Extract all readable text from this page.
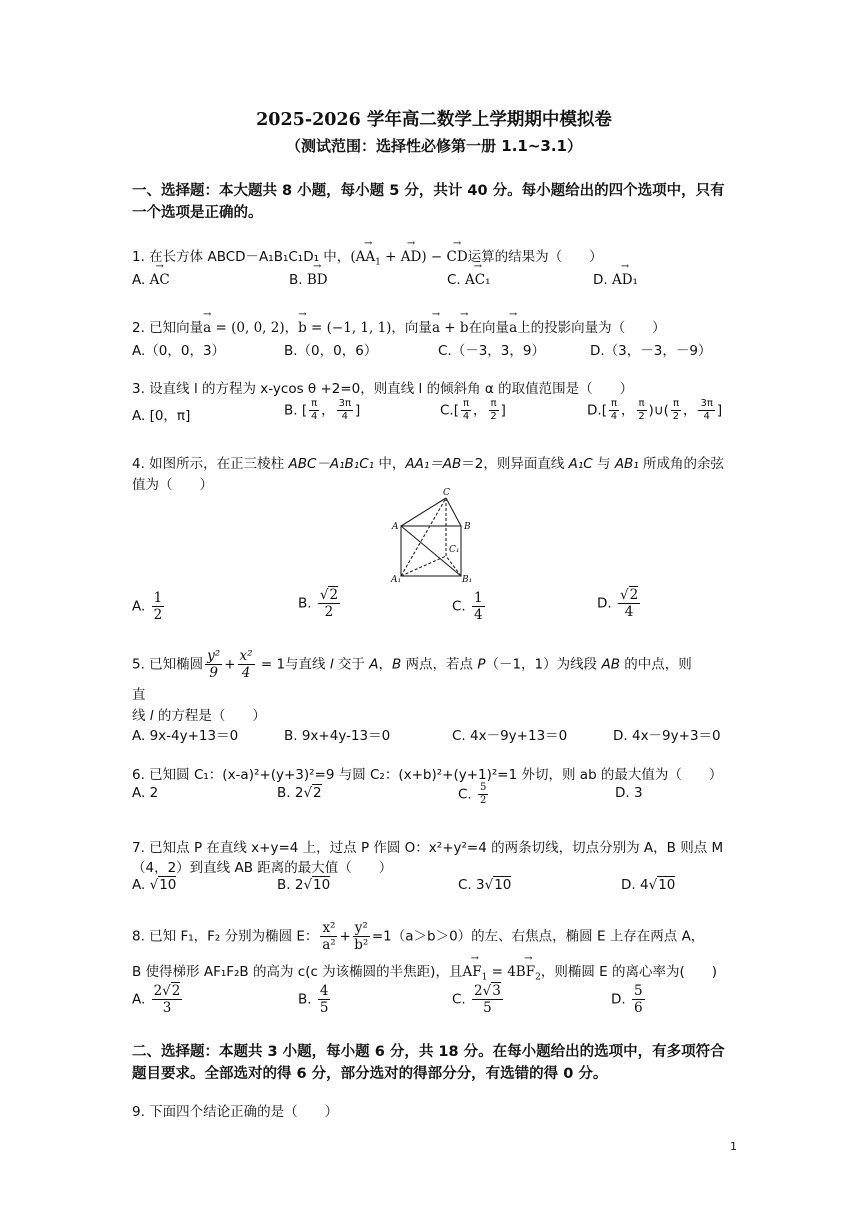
2025-2026 学年高二数学上学期期中模拟卷
（测试范围：选择性必修第一册 1.1~3.1）
一、选择题：本大题共 8 小题，每小题 5 分，共计 40 分。每小题给出的四个选项中，只有
一个选项是正确的。
1. 在长方体 ABCD－A₁B₁C₁D₁ 中，(→ $AA_1$ + → AD) − → CD运算的结果为（　　）
A. → AC	B. → BD	C. → AC₁	D. → AD₁
2. 已知向量→ a = (0, 0, 2)，→ b = (−1, 1, 1)，向量→ a + → b在向量→ a上的投影向量为（　　）
A.（0，0，3）	B.（0，0，6）	C.（－3，3，9）	D.（3，－3，－9）
3. 设直线 l 的方程为 x-ycos θ +2=0，则直线 l 的倾斜角 α 的取值范围是（　　）
A. [0，π]	B. [ $\frac{\pi}{4}$ ， $\frac{3\pi}{4}$ ]	$C.[ \frac{\pi}{4}$ ， $\frac{\pi}{2}$ ]	$D.[ \frac{\pi}{4}$ ， $\frac{\pi}{2}$ )∪( $\frac{\pi}{2}$ ， $\frac{3\pi}{4}$ ]
4. 如图所示，在正三棱柱 ABC－A₁B₁C₁ 中，AA₁＝AB＝2，则异面直线 A₁C 与 AB₁ 所成角的余弦
值为（　　）	C
A	B
C₁
A₁	B₁
A. $\frac{1}{2}$	B. $\frac{√2}{2}$	C. $\frac{1}{4}$	D. $\frac{√2}{4}$
5. 已知椭圆 $\frac{\text{y²}}{9} + \frac{\text{x²}}{4} = 1$与直线 l 交于 A，B 两点，若点 P（－1，1）为线段 AB 的中点，则
直
线 l 的方程是（　　）
A. 9x-4y+13＝0	B. 9x+4y-13＝0	C. 4x－9y+13＝0	D. 4x－9y+3＝0
6. 已知圆 C₁：(x-a)²+(y+3)²=9 与圆 C₂：(x+b)²+(y+1)²=1 外切，则 ab 的最大值为（　　）
A. 2	B. 2√2	C. $\frac{5}{2}$	D. 3
7. 已知点 P 在直线 x+y=4 上，过点 P 作圆 O：x²+y²=4 的两条切线，切点分别为 A，B 则点 M
（4，2）到直线 AB 距离的最大值（　　）
A. √10	B. 2√10	C. 3√10	D. 4√10
8. 已知 F₁，F₂ 分别为椭圆 E： $\frac{\text{x²}}{\text{a²}} + \frac{\text{y²}}{\text{b²}} =1(a>b>0)$的左、右焦点，椭圆 E 上存在两点 A，
B 使得梯形 AF₁F₂B 的高为 c(c 为该椭圆的半焦距)，且→ $AF_1 = 4\to BF_2$，则椭圆 E 的离心率为(　　)
A. $\frac{2√2}{3}$	B. $\frac{4}{5}$	C. $\frac{2√3}{5}$	D. $\frac{5}{6}$
二、选择题：本题共 3 小题，每小题 6 分，共 18 分。在每小题给出的选项中，有多项符合
题目要求。全部选对的得 6 分，部分选对的得部分分，有选错的得 0 分。
9. 下面四个结论正确的是（　　）
1
